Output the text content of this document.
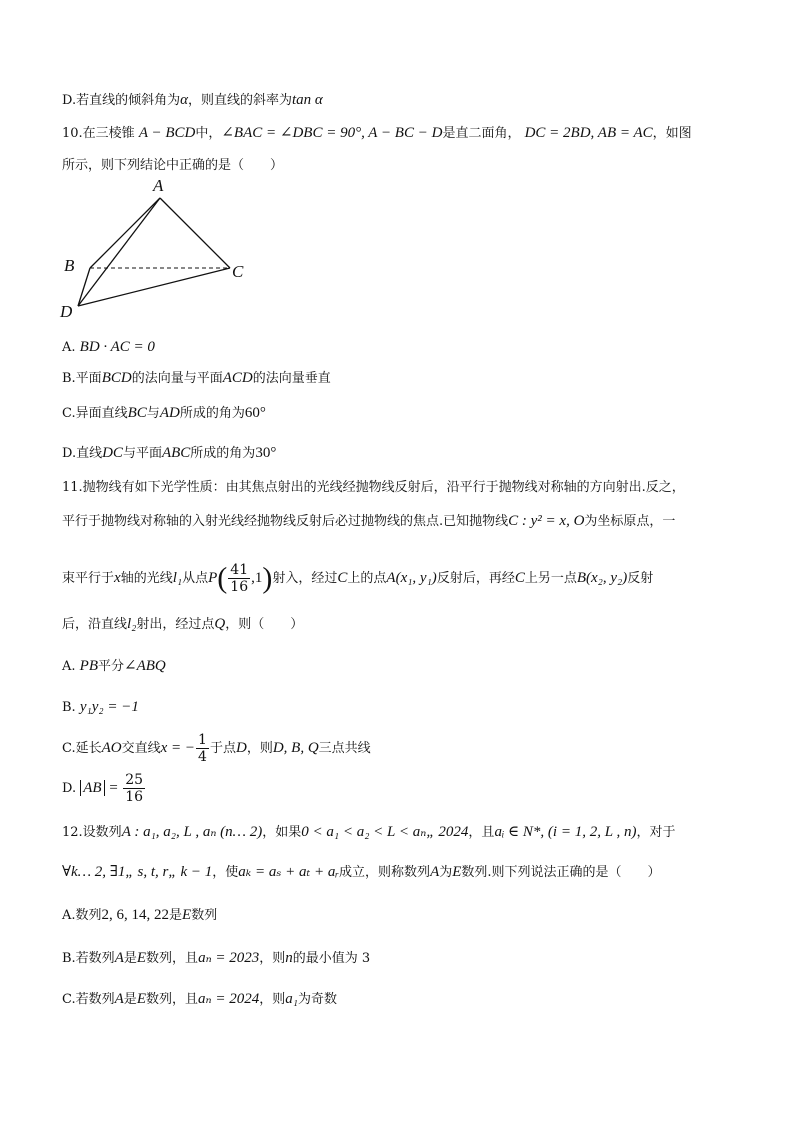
D.若直线的倾斜角为α，则直线的斜率为tan α
10.在三棱锥 A − BCD中，∠BAC = ∠DBC = 90°, A − BC − D是直二面角， DC = 2BD, AB = AC，如图
所示，则下列结论中正确的是（　　）
A
B	C
D
A. BD · AC = 0
B.平面BCD的法向量与平面ACD的法向量垂直
C.异面直线BC与AD所成的角为60°
D.直线DC与平面ABC所成的角为30°
11.抛物线有如下光学性质：由其焦点射出的光线经抛物线反射后，沿平行于抛物线对称轴的方向射出.反之，
平行于抛物线对称轴的入射光线经抛物线反射后必过抛物线的焦点.已知抛物线C : y² = x, O为坐标原点，一
束平行于x轴的光线l₁从点$P( \frac{41}{16} ,1)$射入，经过C上的点A(x₁, y₁)反射后，再经C上另一点B(x₂, y₂)反射
后，沿直线l₂射出，经过点Q，则（　　）
A. PB平分∠ABQ
B. y₁y₂ = −1
C.延长AO交直线x = − $\frac{1}{4}$ 于点D，则D, B, Q三点共线
D. AB = $\frac{25}{16}$
12.设数列A : a₁, a₂, L , aₙ (n… 2)，如果0 < a₁ < a₂ < L < aₙ„ 2024，且aᵢ ∈ N*, (i = 1, 2, L , n)，对于
∀k… 2, ∃1„ s, t, r„ k − 1，使aₖ = aₛ + aₜ + aᵣ成立，则称数列A为E数列.则下列说法正确的是（　　）
A.数列2, 6, 14, 22是E数列
B.若数列A是E数列，且aₙ = 2023，则n的最小值为 3
C.若数列A是E数列，且aₙ = 2024，则a₁为奇数
